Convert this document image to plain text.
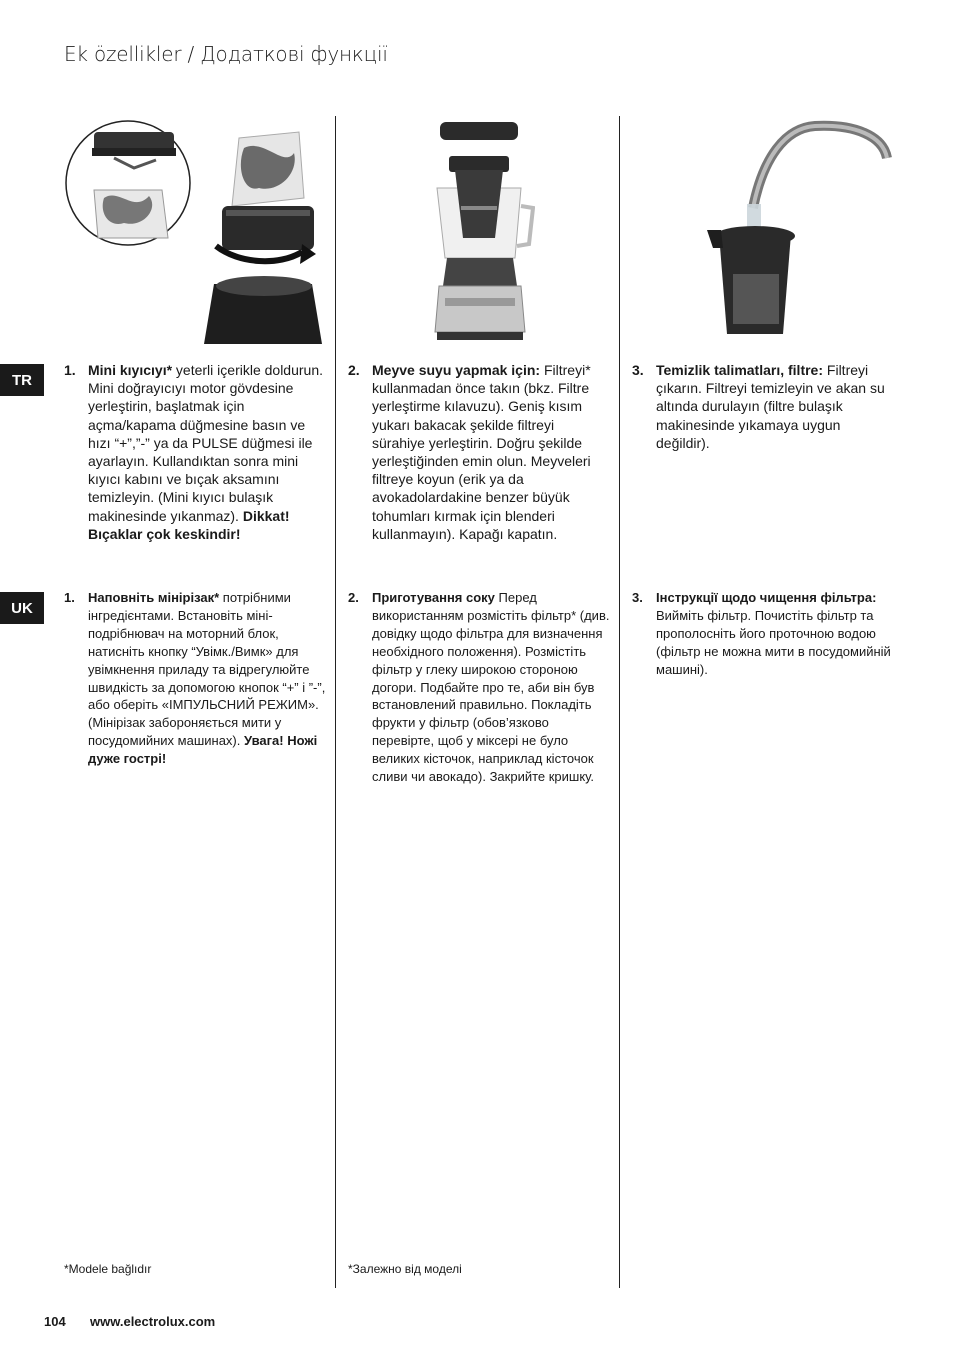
Ek özellikler / Додаткові функції
TR
UK
1. Mini kıyıcıyı* yeterli içerikle doldurun. Mini doğrayıcıyı motor gövdesine yerleştirin, başlatmak için açma/kapama düğmesine basın ve hızı “+”,”-” ya da PULSE düğmesi ile ayarlayın. Kullandıktan sonra mini kıyıcı kabını ve bıçak aksamını temizleyin. (Mini kıyıcı bulaşık makinesinde yıkanmaz). Dikkat! Bıçaklar çok keskindir!
2. Meyve suyu yapmak için: Filtreyi* kullanmadan önce takın (bkz. Filtre yerleştirme kılavuzu). Geniş kısım yukarı bakacak şekilde filtreyi sürahiye yerleştirin. Doğru şekilde yerleştiğinden emin olun. Meyveleri filtreye koyun (erik ya da avokadolardakine benzer büyük tohumları kırmak için blenderi kullanmayın). Kapağı kapatın.
3. Temizlik talimatları, filtre: Filtreyi çıkarın. Filtreyi temizleyin ve akan su altında durulayın (filtre bulaşık makinesinde yıkamaya uygun değildir).
1. Наповніть мінірізак* потрібними інгредієнтами. Встановіть міні-подрібнювач на моторний блок, натисніть кнопку “Увімк./Вимк» для увімкнення приладу та відрегулюйте швидкість за допомогою кнопок “+” і ”-”, або оберіть «ІМПУЛЬСНИЙ РЕЖИМ».(Мінірізак забороняється мити у посудомийних машинах). Увага! Ножі дуже гострі!
2. Приготування соку Перед використанням розмістіть фільтр* (див. довідку щодо фільтра для визначення необхідного положення). Розмістіть фільтр у глеку широкою стороною догори. Подбайте про те, аби він був встановлений правильно. Покладіть фрукти у фільтр (обов’язково перевірте, щоб у міксері не було великих кісточок, наприклад кісточок сливи чи авокадо). Закрийте кришку.
3. Інструкції щодо чищення фільтра: Вийміть фільтр. Почистіть фільтр та прополосніть його проточною водою (фільтр не можна мити в посудомийній машині).
*Modele bağlıdır	*Залежно від моделі
104 www.electrolux.com
